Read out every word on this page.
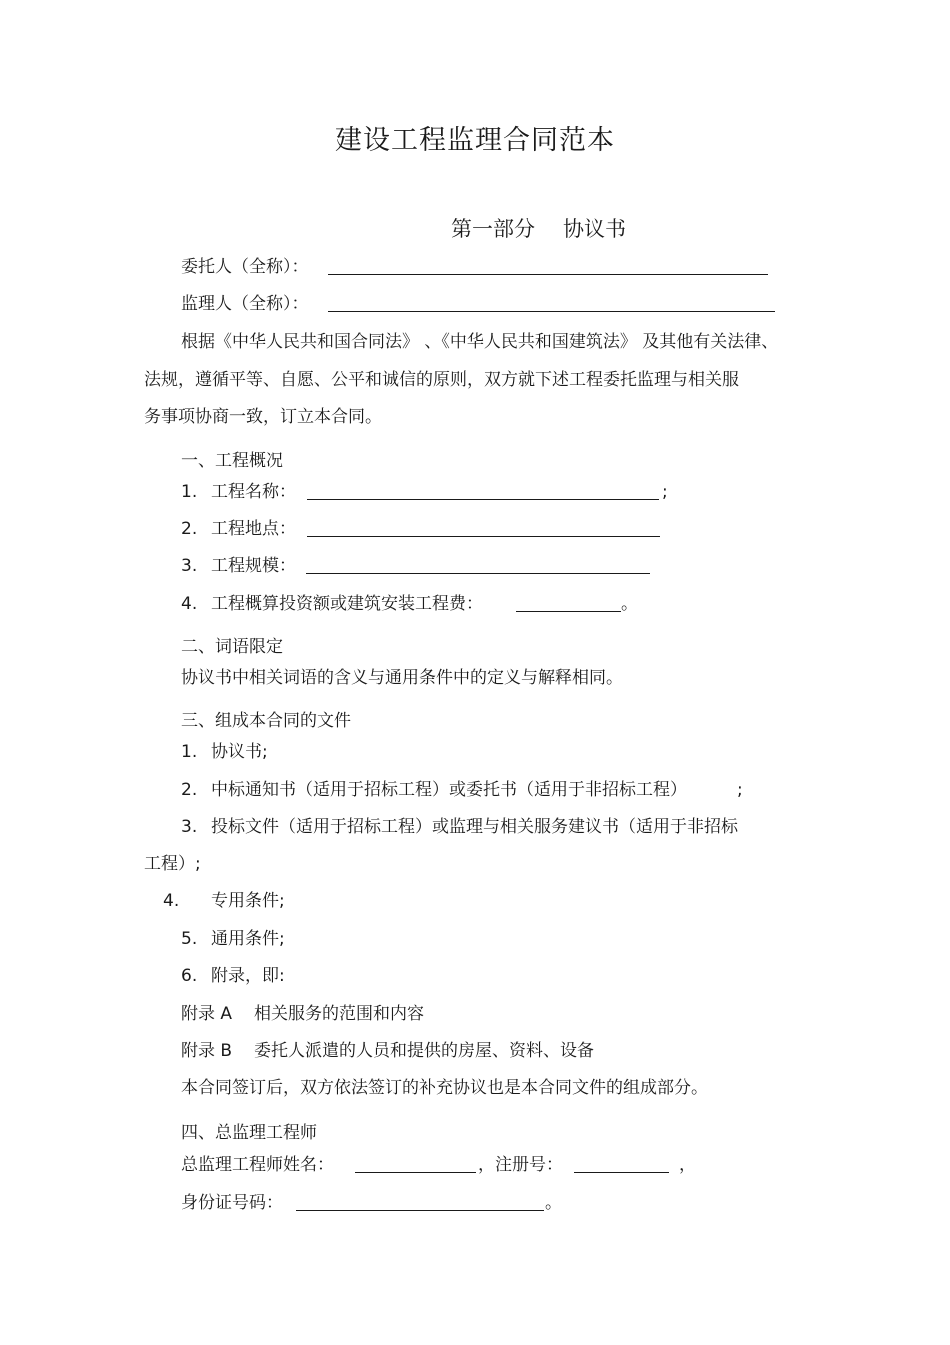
建设工程监理合同范本
第一部分 协议书
委托人（全称）：
监理人（全称）：
根据《中华人民共和国合同法》 、《中华人民共和国建筑法》 及其他有关法律、
法规，遵循平等、自愿、公平和诚信的原则，双方就下述工程委托监理与相关服
务事项协商一致，订立本合同。
一、工程概况
1. 工程名称：	;
2. 工程地点：
3. 工程规模：
4. 工程概算投资额或建筑安装工程费：	。
二、词语限定
协议书中相关词语的含义与通用条件中的定义与解释相同。
三、组成本合同的文件
1. 协议书;
2. 中标通知书（适用于招标工程）或委托书（适用于非招标工程）	;
3. 投标文件（适用于招标工程）或监理与相关服务建议书（适用于非招标
工程）;
4. 专用条件;
5. 通用条件;
6. 附录，即:
附录 A 相关服务的范围和内容
附录 B 委托人派遣的人员和提供的房屋、资料、设备
本合同签订后，双方依法签订的补充协议也是本合同文件的组成部分。
四、总监理工程师
总监理工程师姓名：	，注册号：	，
身份证号码：	。
